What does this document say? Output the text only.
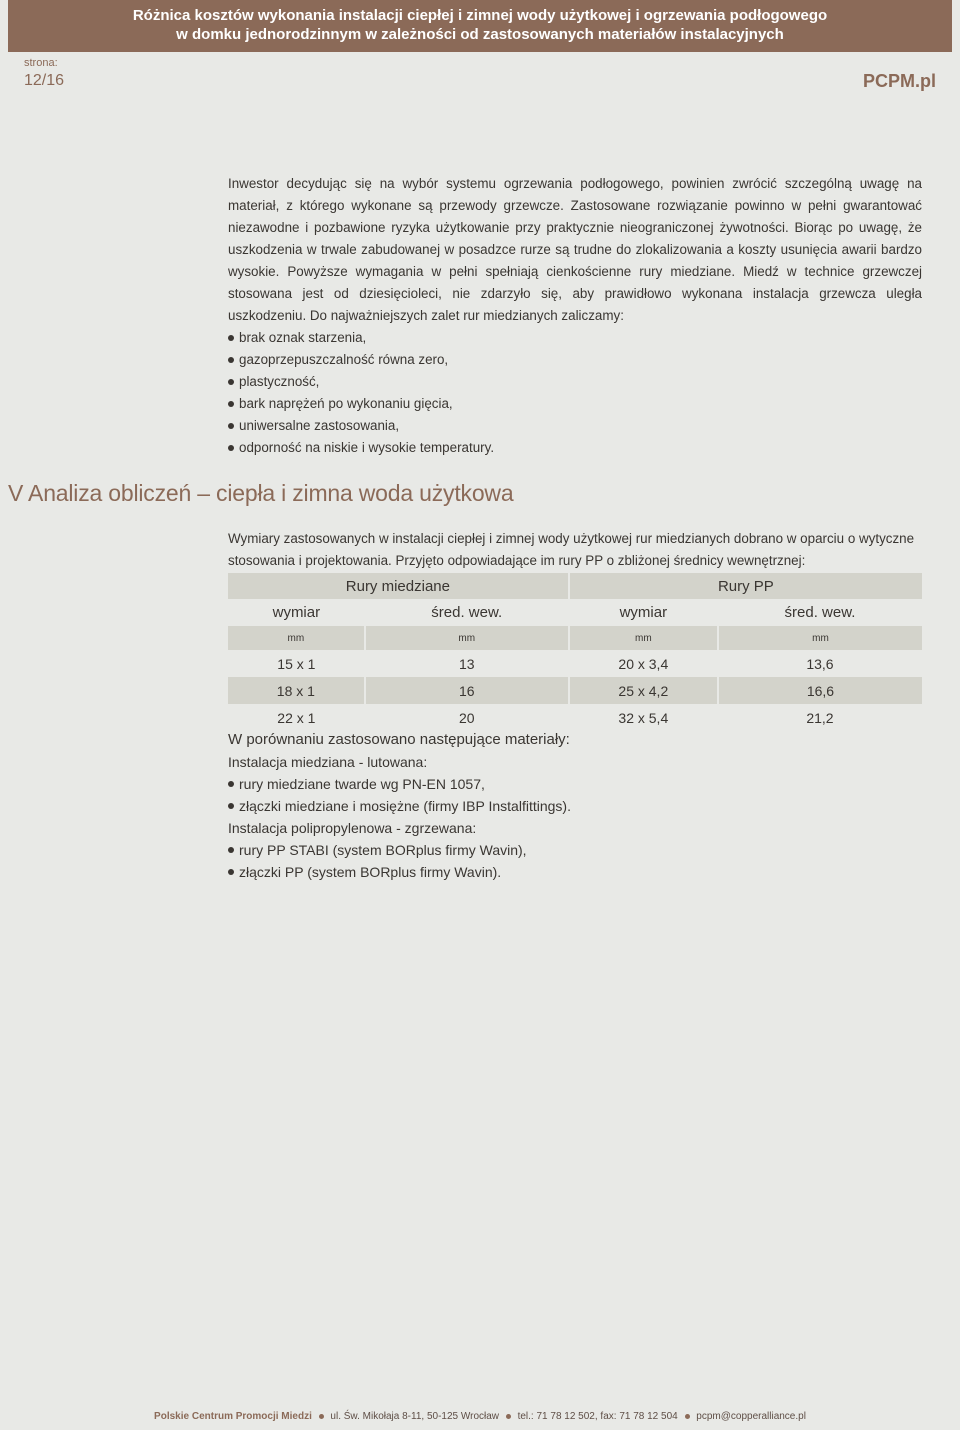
Różnica kosztów wykonania instalacji ciepłej i zimnej wody użytkowej i ogrzewania podłogowego
w domku jednorodzinnym w zależności od zastosowanych materiałów instalacyjnych
strona:
12/16	PCPM.pl

Inwestor decydując się na wybór systemu ogrzewania podłogowego, powinien zwrócić szczególną uwagę na materiał, z którego wykonane są przewody grzewcze. Zastosowane rozwiązanie powinno w pełni gwarantować niezawodne i pozbawione ryzyka użytkowanie przy praktycznie nieograniczonej żywotności. Biorąc po uwagę, że uszkodzenia w trwale zabudowanej w posadzce rurze są trudne do zlokalizowania a koszty usunięcia awarii bardzo wysokie. Powyższe wymagania w pełni spełniają cienkościenne rury miedziane. Miedź w technice grzewczej stosowana jest od dziesięcioleci, nie zdarzyło się, aby prawidłowo wykonana instalacja grzewcza uległa uszkodzeniu. Do najważniejszych zalet rur miedzianych zaliczamy:

brak oznak starzenia,
gazoprzepuszczalność równa zero,
plastyczność,
bark naprężeń po wykonaniu gięcia,
uniwersalne zastosowania,
odporność na niskie i wysokie temperatury.
V Analiza obliczeń – ciepła i zimna woda użytkowa

Wymiary zastosowanych w instalacji ciepłej i zimnej wody użytkowej rur miedzianych dobrano w oparciu o wytyczne stosowania i projektowania. Przyjęto odpowiadające im rury PP o zbliżonej średnicy wewnętrznej:

Rury miedziane		Rury PP	
wymiar	śred. wew.	wymiar	śred. wew.
mm	mm	mm	mm
15 x 1	13	20 x 3,4	13,6
18 x 1	16	25 x 4,2	16,6
22 x 1	20	32 x 5,4	21,2

W porównaniu zastosowano następujące materiały:

Instalacja miedziana - lutowana:

rury miedziane twarde wg PN-EN 1057,
złączki miedziane i mosiężne (firmy IBP Instalfittings).

Instalacja polipropylenowa - zgrzewana:

rury PP STABI (system BORplus firmy Wavin),
złączki PP (system BORplus firmy Wavin).
Polskie Centrum Promocji Miedzi ul. Św. Mikołaja 8-11, 50-125 Wrocław tel.: 71 78 12 502, fax: 71 78 12 504 pcpm@copperalliance.pl
